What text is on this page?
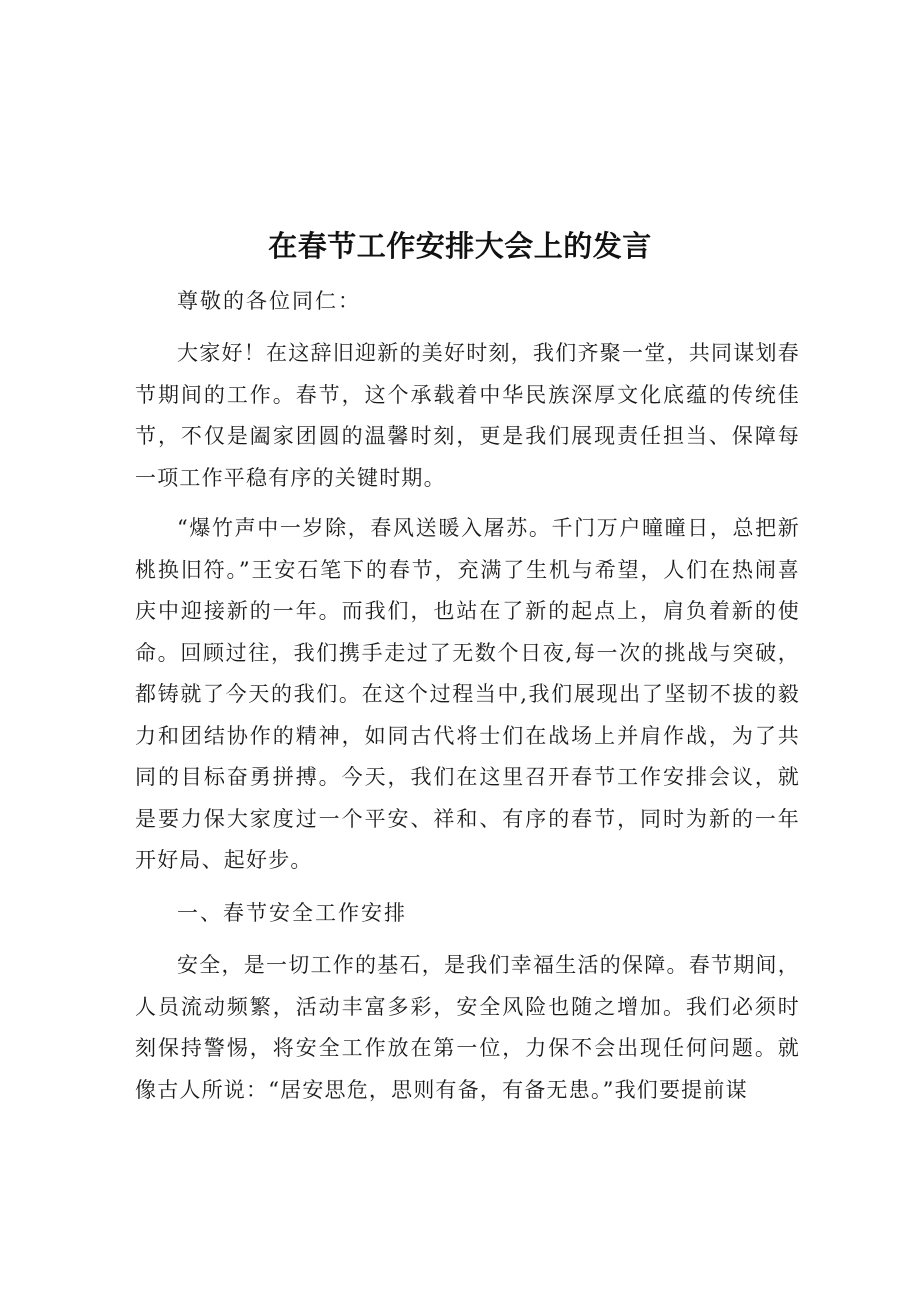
在春节工作安排大会上的发言

尊敬的各位同仁：

大家好！在这辞旧迎新的美好时刻，我们齐聚一堂，共同谋划春节期间的工作。春节，这个承载着中华民族深厚文化底蕴的传统佳节，不仅是阖家团圆的温馨时刻，更是我们展现责任担当、保障每一项工作平稳有序的关键时期。

“爆竹声中一岁除，春风送暖入屠苏。千门万户曈曈日，总把新桃换旧符。”王安石笔下的春节，充满了生机与希望，人们在热闹喜庆中迎接新的一年。而我们，也站在了新的起点上，肩负着新的使命。回顾过往，我们携手走过了无数个日夜,每一次的挑战与突破，都铸就了今天的我们。在这个过程当中,我们展现出了坚韧不拔的毅力和团结协作的精神，如同古代将士们在战场上并肩作战，为了共同的目标奋勇拼搏。今天，我们在这里召开春节工作安排会议，就是要力保大家度过一个平安、祥和、有序的春节，同时为新的一年开好局、起好步。

一、春节安全工作安排

安全，是一切工作的基石，是我们幸福生活的保障。春节期间，人员流动频繁，活动丰富多彩，安全风险也随之增加。我们必须时刻保持警惕，将安全工作放在第一位，力保不会出现任何问题。就像古人所说：“居安思危，思则有备，有备无患。”我们要提前谋
